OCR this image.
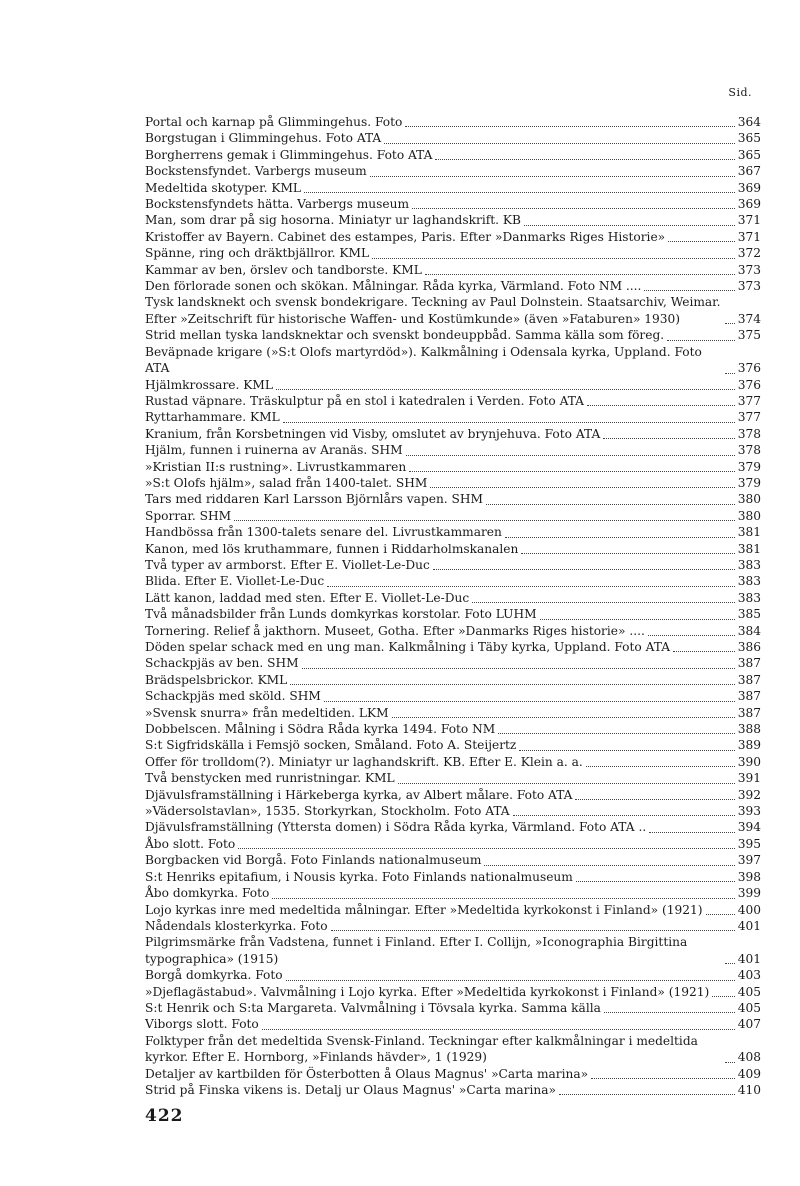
Sid.
Portal och karnap på Glimmingehus. Foto	364
Borgstugan i Glimmingehus. Foto ATA	365
Borgherrens gemak i Glimmingehus. Foto ATA	365
Bockstensfyndet. Varbergs museum	367
Medeltida skotyper. KML	369
Bockstensfyndets hätta. Varbergs museum	369
Man, som drar på sig hosorna. Miniatyr ur laghandskrift. KB	371
Kristoffer av Bayern. Cabinet des estampes, Paris. Efter »Danmarks Riges Historie»	371
Spänne, ring och dräktbjällror. KML	372
Kammar av ben, örslev och tandborste. KML	373
Den förlorade sonen och skökan. Målningar. Råda kyrka, Värmland. Foto NM ....	373
Tysk landsknekt och svensk bondekrigare. Teckning av Paul Dolnstein. Staatsarchiv, Weimar. Efter »Zeitschrift für historische Waffen- und Kostümkunde» (även »Fataburen» 1930)	374
Strid mellan tyska landsknektar och svenskt bondeuppbåd. Samma källa som föreg.	375
Beväpnade krigare (»S:t Olofs martyrdöd»). Kalkmålning i Odensala kyrka, Uppland. Foto ATA	376
Hjälmkrossare. KML	376
Rustad väpnare. Träskulptur på en stol i katedralen i Verden. Foto ATA	377
Ryttarhammare. KML	377
Kranium, från Korsbetningen vid Visby, omslutet av brynjehuva. Foto ATA	378
Hjälm, funnen i ruinerna av Aranäs. SHM	378
»Kristian II:s rustning». Livrustkammaren	379
»S:t Olofs hjälm», salad från 1400-talet. SHM	379
Tars med riddaren Karl Larsson Björnlårs vapen. SHM	380
Sporrar. SHM	380
Handbössa från 1300-talets senare del. Livrustkammaren	381
Kanon, med lös kruthammare, funnen i Riddarholmskanalen	381
Två typer av armborst. Efter E. Viollet-Le-Duc	383
Blida. Efter E. Viollet-Le-Duc	383
Lätt kanon, laddad med sten. Efter E. Viollet-Le-Duc	383
Två månadsbilder från Lunds domkyrkas korstolar. Foto LUHM	385
Tornering. Relief å jakthorn. Museet, Gotha. Efter »Danmarks Riges historie» ....	384
Döden spelar schack med en ung man. Kalkmålning i Täby kyrka, Uppland. Foto ATA	386
Schackpjäs av ben. SHM	387
Brädspelsbrickor. KML	387
Schackpjäs med sköld. SHM	387
»Svensk snurra» från medeltiden. LKM	387
Dobbelscen. Målning i Södra Råda kyrka 1494. Foto NM	388
S:t Sigfridskälla i Femsjö socken, Småland. Foto A. Steijertz	389
Offer för trolldom(?). Miniatyr ur laghandskrift. KB. Efter E. Klein a. a.	390
Två benstycken med runristningar. KML	391
Djävulsframställning i Härkeberga kyrka, av Albert målare. Foto ATA	392
»Vädersolstavlan», 1535. Storkyrkan, Stockholm. Foto ATA	393
Djävulsframställning (Yttersta domen) i Södra Råda kyrka, Värmland. Foto ATA ..	394
Åbo slott. Foto	395
Borgbacken vid Borgå. Foto Finlands nationalmuseum	397
S:t Henriks epitafium, i Nousis kyrka. Foto Finlands nationalmuseum	398
Åbo domkyrka. Foto	399
Lojo kyrkas inre med medeltida målningar. Efter »Medeltida kyrkokonst i Finland» (1921)	400
Nådendals klosterkyrka. Foto	401
Pilgrimsmärke från Vadstena, funnet i Finland. Efter I. Collijn, »Iconographia Birgittina typographica» (1915)	401
Borgå domkyrka. Foto	403
»Djeflagästabud». Valvmålning i Lojo kyrka. Efter »Medeltida kyrkokonst i Finland» (1921) 405
S:t Henrik och S:ta Margareta. Valvmålning i Tövsala kyrka. Samma källa	405
Viborgs slott. Foto	407
Folktyper från det medeltida Svensk-Finland. Teckningar efter kalkmålningar i medeltida kyrkor. Efter E. Hornborg, »Finlands hävder», 1 (1929)	408
Detaljer av kartbilden för Österbotten å Olaus Magnus' »Carta marina»	409
Strid på Finska vikens is. Detalj ur Olaus Magnus' »Carta marina»	410
422
